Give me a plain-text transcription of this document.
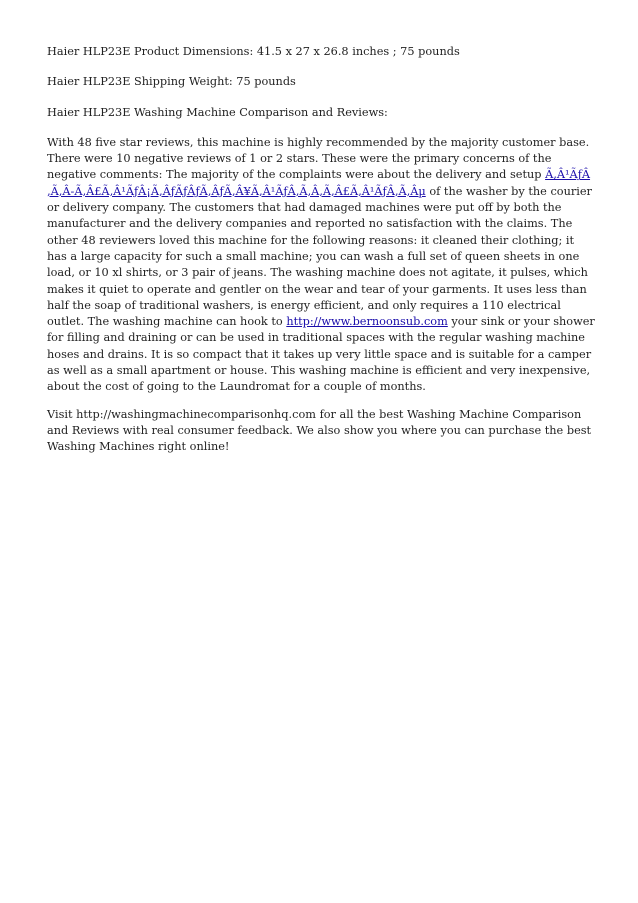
Haier HLP23E Product Dimensions: 41.5 x 27 x 26.8 inches ; 75 pounds

Haier HLP23E Shipping Weight: 75 pounds

Haier HLP23E Washing Machine Comparison and Reviews:

With 48 five star reviews, this machine is highly recommended by the majority customer base. There were 10 negative reviews of 1 or 2 stars. These were the primary concerns of the negative comments: The majority of the complaints were about the delivery and setup Ã‚Â¹ÃƒÂ‚Ã‚Â-Ã‚Â£Ã‚Â¹ÃƒÂ¡Ã‚ÂƒÃƒÂƒÃ‚ÂƒÃ‚Â¥Ã‚Â¹ÃƒÂ‚Ã‚Â‚Ã‚Â£Ã‚Â¹ÃƒÂ‚Ã‚Âµ of the washer by the courier or delivery company. The customers that had damaged machines were put off by both the manufacturer and the delivery companies and reported no satisfaction with the claims. The other 48 reviewers loved this machine for the following reasons: it cleaned their clothing; it has a large capacity for such a small machine; you can wash a full set of queen sheets in one load, or 10 xl shirts, or 3 pair of jeans. The washing machine does not agitate, it pulses, which makes it quiet to operate and gentler on the wear and tear of your garments. It uses less than half the soap of traditional washers, is energy efficient, and only requires a 110 electrical outlet. The washing machine can hook to http://www.bernoonsub.com your sink or your shower for filling and draining or can be used in traditional spaces with the regular washing machine hoses and drains. It is so compact that it takes up very little space and is suitable for a camper as well as a small apartment or house. This washing machine is efficient and very inexpensive, about the cost of going to the Laundromat for a couple of months.

Visit http://washingmachinecomparisonhq.com for all the best Washing Machine Comparison and Reviews with real consumer feedback. We also show you where you can purchase the best Washing Machines right online!
